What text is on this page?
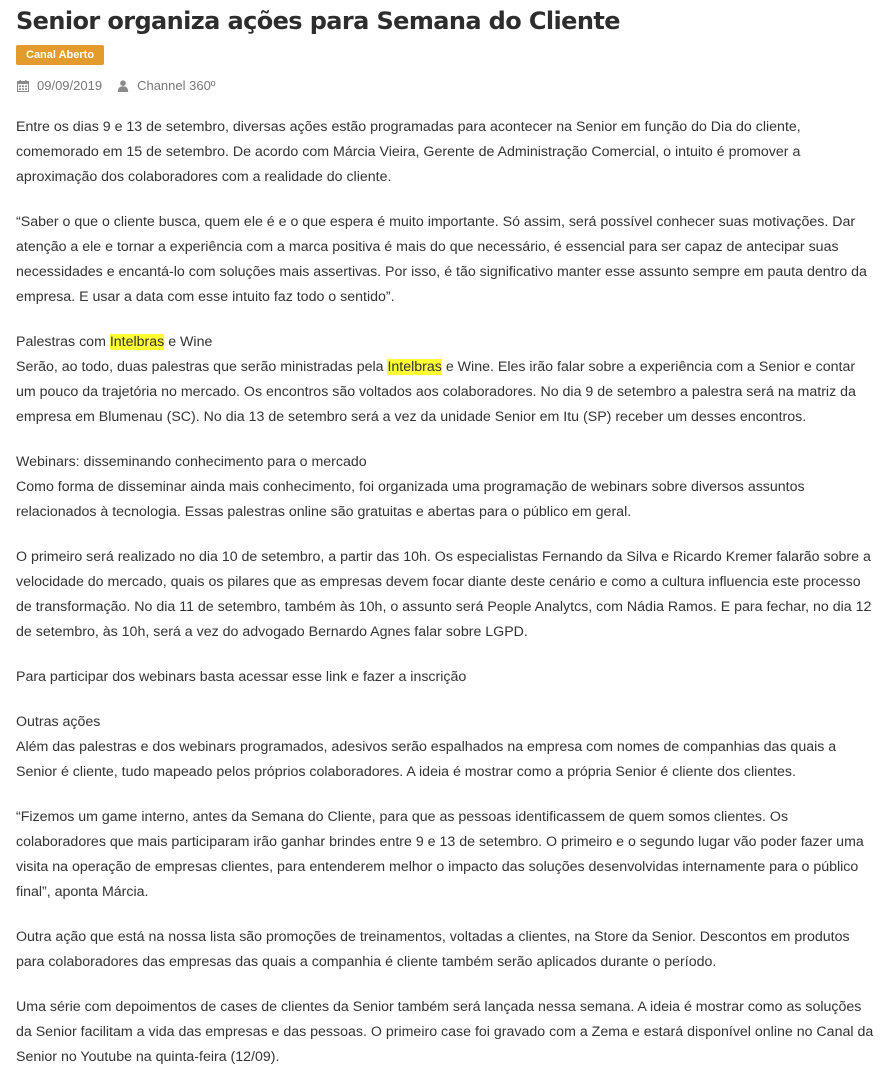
Senior organiza ações para Semana do Cliente
Canal Aberto
09/09/2019	Channel 360º

Entre os dias 9 e 13 de setembro, diversas ações estão programadas para acontecer na Senior em função do Dia do cliente, comemorado em 15 de setembro. De acordo com Márcia Vieira, Gerente de Administração Comercial, o intuito é promover a aproximação dos colaboradores com a realidade do cliente.

“Saber o que o cliente busca, quem ele é e o que espera é muito importante. Só assim, será possível conhecer suas motivações. Dar atenção a ele e tornar a experiência com a marca positiva é mais do que necessário, é essencial para ser capaz de antecipar suas necessidades e encantá-lo com soluções mais assertivas. Por isso, é tão significativo manter esse assunto sempre em pauta dentro da empresa. E usar a data com esse intuito faz todo o sentido”.

Palestras com Intelbras e Wine
Serão, ao todo, duas palestras que serão ministradas pela Intelbras e Wine. Eles irão falar sobre a experiência com a Senior e contar um pouco da trajetória no mercado. Os encontros são voltados aos colaboradores. No dia 9 de setembro a palestra será na matriz da empresa em Blumenau (SC). No dia 13 de setembro será a vez da unidade Senior em Itu (SP) receber um desses encontros.

Webinars: disseminando conhecimento para o mercado
Como forma de disseminar ainda mais conhecimento, foi organizada uma programação de webinars sobre diversos assuntos relacionados à tecnologia. Essas palestras online são gratuitas e abertas para o público em geral.

O primeiro será realizado no dia 10 de setembro, a partir das 10h. Os especialistas Fernando da Silva e Ricardo Kremer falarão sobre a velocidade do mercado, quais os pilares que as empresas devem focar diante deste cenário e como a cultura influencia este processo de transformação. No dia 11 de setembro, também às 10h, o assunto será People Analytcs, com Nádia Ramos. E para fechar, no dia 12 de setembro, às 10h, será a vez do advogado Bernardo Agnes falar sobre LGPD.

Para participar dos webinars basta acessar esse link e fazer a inscrição

Outras ações
Além das palestras e dos webinars programados, adesivos serão espalhados na empresa com nomes de companhias das quais a Senior é cliente, tudo mapeado pelos próprios colaboradores. A ideia é mostrar como a própria Senior é cliente dos clientes.

“Fizemos um game interno, antes da Semana do Cliente, para que as pessoas identificassem de quem somos clientes. Os colaboradores que mais participaram irão ganhar brindes entre 9 e 13 de setembro. O primeiro e o segundo lugar vão poder fazer uma visita na operação de empresas clientes, para entenderem melhor o impacto das soluções desenvolvidas internamente para o público final”, aponta Márcia.

Outra ação que está na nossa lista são promoções de treinamentos, voltadas a clientes, na Store da Senior. Descontos em produtos para colaboradores das empresas das quais a companhia é cliente também serão aplicados durante o período.

Uma série com depoimentos de cases de clientes da Senior também será lançada nessa semana. A ideia é mostrar como as soluções da Senior facilitam a vida das empresas e das pessoas. O primeiro case foi gravado com a Zema e estará disponível online no Canal da Senior no Youtube na quinta-feira (12/09).
